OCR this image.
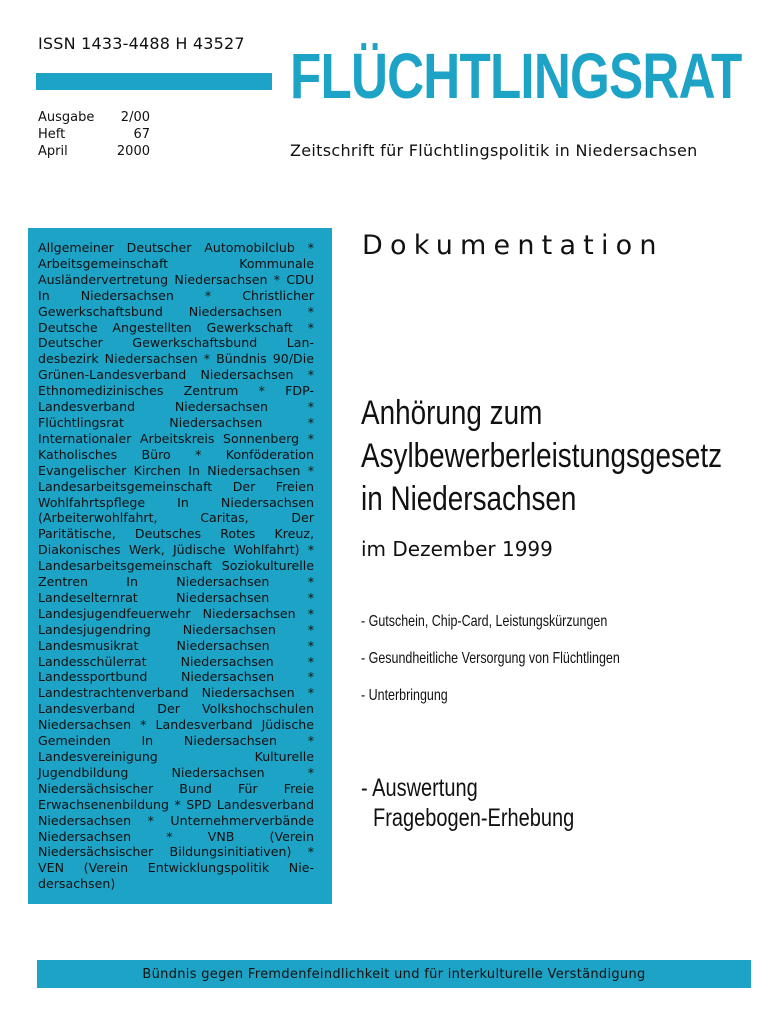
ISSN 1433-4488 H 43527
Ausgabe 2/00
Heft	67
April	2000
FLÜCHTLINGSRAT
Zeitschrift für Flüchtlingspolitik in Niedersachsen
Allgemeiner Deutscher Automobilclub * Arbeitsgemeinschaft Kommunale Ausländervertretung Niedersachsen * CDU In Niedersachsen * Christlicher Gewerkschaftsbund Niedersachsen * Deutsche Angestellten Gewerkschaft * Deutscher Gewerkschaftsbund Landesbezirk Niedersachsen * Bündnis 90/Die Grünen-Landesverband Niedersachsen * Ethnomedizinisches Zentrum * FDP-Landesverband Niedersachsen * Flüchtlingsrat Niedersachsen * Internationaler Arbeitskreis Sonnenberg * Katholisches Büro * Konföderation Evangelischer Kirchen In Niedersachsen * Landesarbeitsgemeinschaft Der Freien Wohlfahrtspflege In Niedersachsen (Arbeiterwohlfahrt, Caritas, Der Paritätische, Deutsches Rotes Kreuz, Diakonisches Werk, Jüdische Wohlfahrt) * Landesarbeitsgemeinschaft Soziokulturelle Zentren In Niedersachsen * Landeselternrat Niedersachsen * Landesjugendfeuerwehr Niedersachsen * Landesjugendring Niedersachsen * Landesmusikrat Niedersachsen * Landesschülerrat Niedersachsen * Landessportbund Niedersachsen * Landestrachtenverband Niedersachsen * Landesverband Der Volkshochschulen Niedersachsen * Landesverband Jüdische Gemeinden In Niedersachsen * Landesvereinigung Kulturelle Jugendbildung Niedersachsen * Niedersächsischer Bund Für Freie Erwachsenenbildung * SPD Landesverband Niedersachsen * Unternehmerverbände Niedersachsen * VNB (Verein Niedersächsischer Bildungsinitiativen) * VEN (Verein Entwicklungspolitik Niedersachsen)
Dokumentation
Anhörung zum
Asylbewerberleistungsgesetz
in Niedersachsen
im Dezember 1999
- Gutschein, Chip-Card, Leistungskürzungen
- Gesundheitliche Versorgung von Flüchtlingen
- Unterbringung
- Auswertung
Fragebogen-Erhebung
Bündnis gegen Fremdenfeindlichkeit und für interkulturelle Verständigung
